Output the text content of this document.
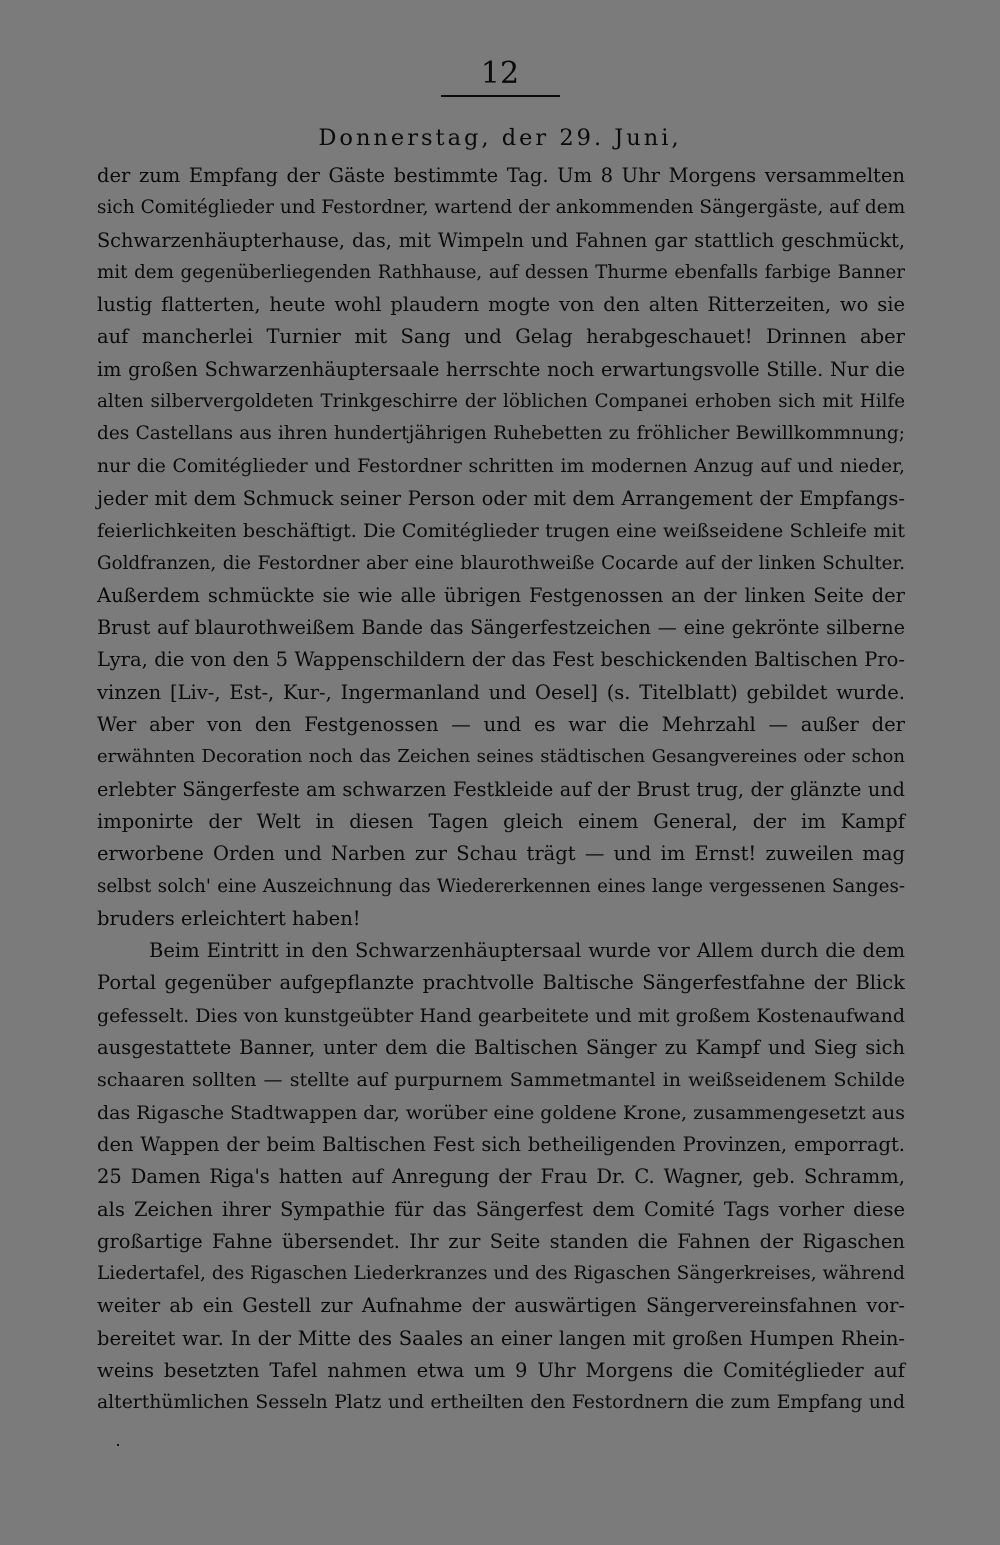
12
Donnerstag, der 29. Juni,
der zum Empfang der Gäste bestimmte Tag. Um 8 Uhr Morgens versammelten
sich Comitéglieder und Festordner, wartend der ankommenden Sängergäste, auf dem
Schwarzenhäupterhause, das, mit Wimpeln und Fahnen gar stattlich geschmückt,
mit dem gegenüberliegenden Rathhause, auf dessen Thurme ebenfalls farbige Banner
lustig flatterten, heute wohl plaudern mogte von den alten Ritterzeiten, wo sie
auf mancherlei Turnier mit Sang und Gelag herabgeschauet! Drinnen aber
im großen Schwarzenhäuptersaale herrschte noch erwartungsvolle Stille. Nur die
alten silbervergoldeten Trinkgeschirre der löblichen Companei erhoben sich mit Hilfe
des Castellans aus ihren hundertjährigen Ruhebetten zu fröhlicher Bewillkommnung;
nur die Comitéglieder und Festordner schritten im modernen Anzug auf und nieder,
jeder mit dem Schmuck seiner Person oder mit dem Arrangement der Empfangs-
feierlichkeiten beschäftigt. Die Comitéglieder trugen eine weißseidene Schleife mit
Goldfranzen, die Festordner aber eine blaurothweiße Cocarde auf der linken Schulter.
Außerdem schmückte sie wie alle übrigen Festgenossen an der linken Seite der
Brust auf blaurothweißem Bande das Sängerfestzeichen — eine gekrönte silberne
Lyra, die von den 5 Wappenschildern der das Fest beschickenden Baltischen Pro-
vinzen [Liv-, Est-, Kur-, Ingermanland und Oesel] (s. Titelblatt) gebildet wurde.
Wer aber von den Festgenossen — und es war die Mehrzahl — außer der
erwähnten Decoration noch das Zeichen seines städtischen Gesangvereines oder schon
erlebter Sängerfeste am schwarzen Festkleide auf der Brust trug, der glänzte und
imponirte der Welt in diesen Tagen gleich einem General, der im Kampf
erworbene Orden und Narben zur Schau trägt — und im Ernst! zuweilen mag
selbst solch' eine Auszeichnung das Wiedererkennen eines lange vergessenen Sanges-
bruders erleichtert haben!
Beim Eintritt in den Schwarzenhäuptersaal wurde vor Allem durch die dem
Portal gegenüber aufgepflanzte prachtvolle Baltische Sängerfestfahne der Blick
gefesselt. Dies von kunstgeübter Hand gearbeitete und mit großem Kostenaufwand
ausgestattete Banner, unter dem die Baltischen Sänger zu Kampf und Sieg sich
schaaren sollten — stellte auf purpurnem Sammetmantel in weißseidenem Schilde
das Rigasche Stadtwappen dar, worüber eine goldene Krone, zusammengesetzt aus
den Wappen der beim Baltischen Fest sich betheiligenden Provinzen, emporragt.
25 Damen Riga's hatten auf Anregung der Frau Dr. C. Wagner, geb. Schramm,
als Zeichen ihrer Sympathie für das Sängerfest dem Comité Tags vorher diese
großartige Fahne übersendet. Ihr zur Seite standen die Fahnen der Rigaschen
Liedertafel, des Rigaschen Liederkranzes und des Rigaschen Sängerkreises, während
weiter ab ein Gestell zur Aufnahme der auswärtigen Sängervereinsfahnen vor-
bereitet war. In der Mitte des Saales an einer langen mit großen Humpen Rhein-
weins besetzten Tafel nahmen etwa um 9 Uhr Morgens die Comitéglieder auf
alterthümlichen Sesseln Platz und ertheilten den Festordnern die zum Empfang und
